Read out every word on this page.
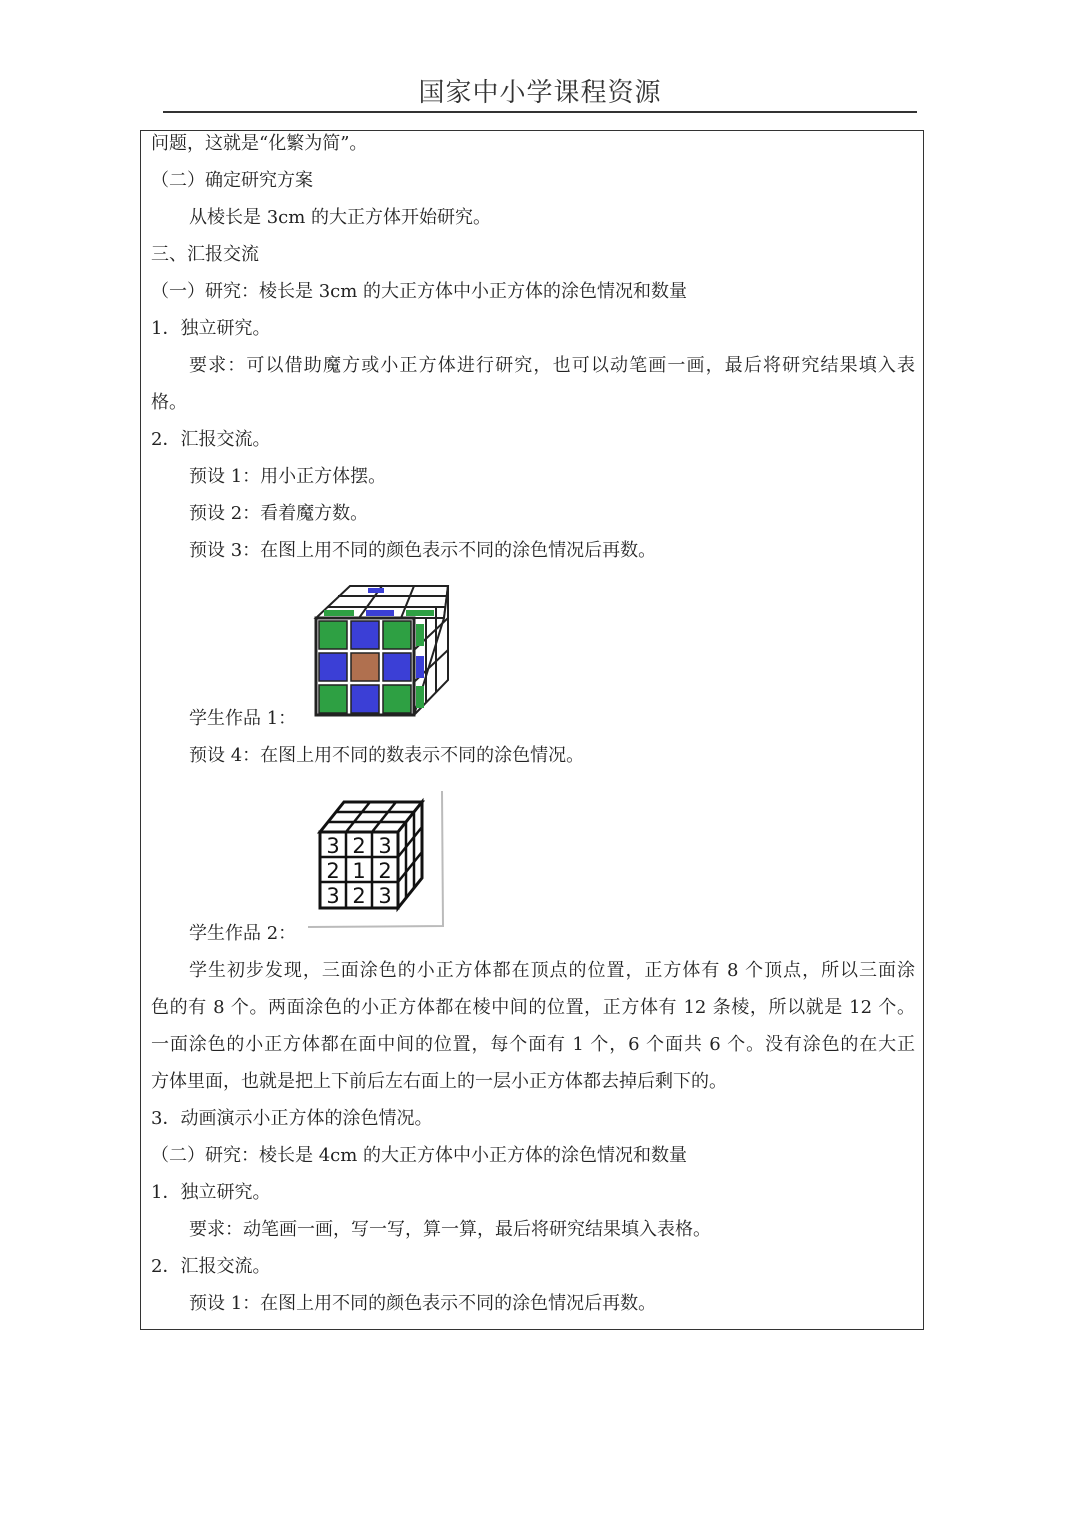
国家中小学课程资源
问题，这就是“化繁为简”。
（二）确定研究方案
从棱长是 3cm 的大正方体开始研究。
三、汇报交流
（一）研究：棱长是 3cm 的大正方体中小正方体的涂色情况和数量
1．独立研究。
要求：可以借助魔方或小正方体进行研究，也可以动笔画一画，最后将研究结果填入表
格。
2．汇报交流。
预设 1：用小正方体摆。
预设 2：看着魔方数。
预设 3：在图上用不同的颜色表示不同的涂色情况后再数。
学生作品 1：
预设 4：在图上用不同的数表示不同的涂色情况。
3 2 3
2 1 2
3 2 3
学生作品 2：
学生初步发现，三面涂色的小正方体都在顶点的位置，正方体有 8 个顶点，所以三面涂
色的有 8 个。两面涂色的小正方体都在棱中间的位置，正方体有 12 条棱，所以就是 12 个。
一面涂色的小正方体都在面中间的位置，每个面有 1 个，6 个面共 6 个。没有涂色的在大正
方体里面，也就是把上下前后左右面上的一层小正方体都去掉后剩下的。
3．动画演示小正方体的涂色情况。
（二）研究：棱长是 4cm 的大正方体中小正方体的涂色情况和数量
1．独立研究。
要求：动笔画一画，写一写，算一算，最后将研究结果填入表格。
2．汇报交流。
预设 1：在图上用不同的颜色表示不同的涂色情况后再数。
